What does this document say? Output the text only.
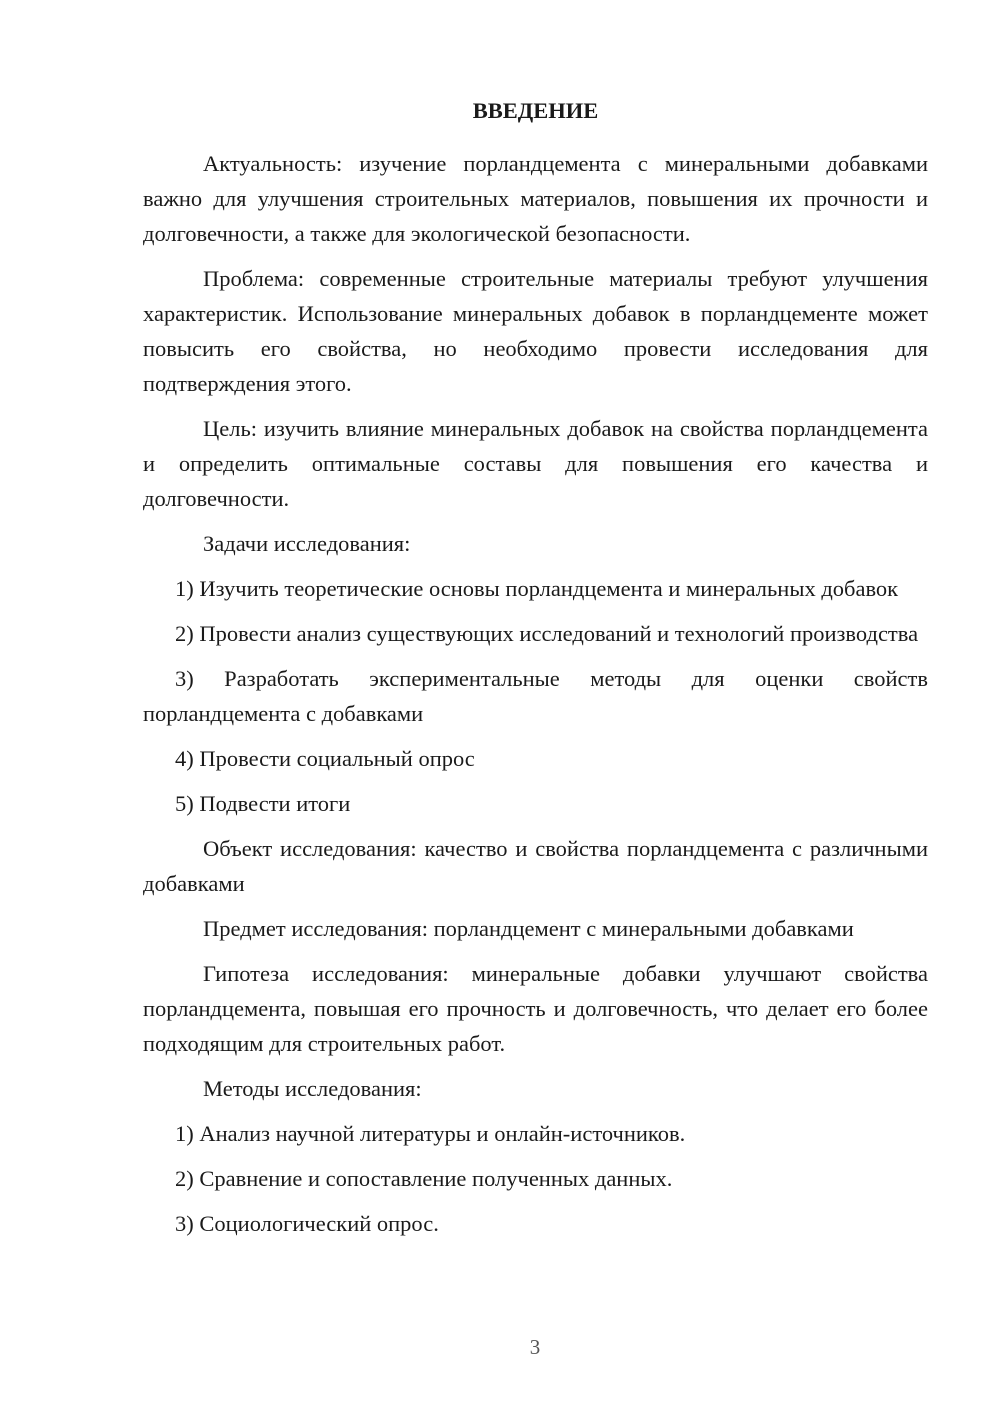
ВВЕДЕНИЕ

Актуальность: изучение порландцемента с минеральными добавками важно для улучшения строительных материалов, повышения их прочности и долговечности, а также для экологической безопасности.

Проблема: современные строительные материалы требуют улучшения характеристик. Использование минеральных добавок в порландцементе может повысить его свойства, но необходимо провести исследования для подтверждения этого.

Цель: изучить влияние минеральных добавок на свойства порландцемента и определить оптимальные составы для повышения его качества и долговечности.

Задачи исследования:

1) Изучить теоретические основы порландцемента и минеральных добавок

2) Провести анализ существующих исследований и технологий производства

3) Разработать экспериментальные методы для оценки свойств порландцемента с добавками

4) Провести социальный опрос

5) Подвести итоги

Объект исследования: качество и свойства порландцемента с различными добавками

Предмет исследования: порландцемент с минеральными добавками

Гипотеза исследования: минеральные добавки улучшают свойства порландцемента, повышая его прочность и долговечность, что делает его более подходящим для строительных работ.

Методы исследования:

1) Анализ научной литературы и онлайн-источников.

2) Сравнение и сопоставление полученных данных.

3) Социологический опрос.

3
